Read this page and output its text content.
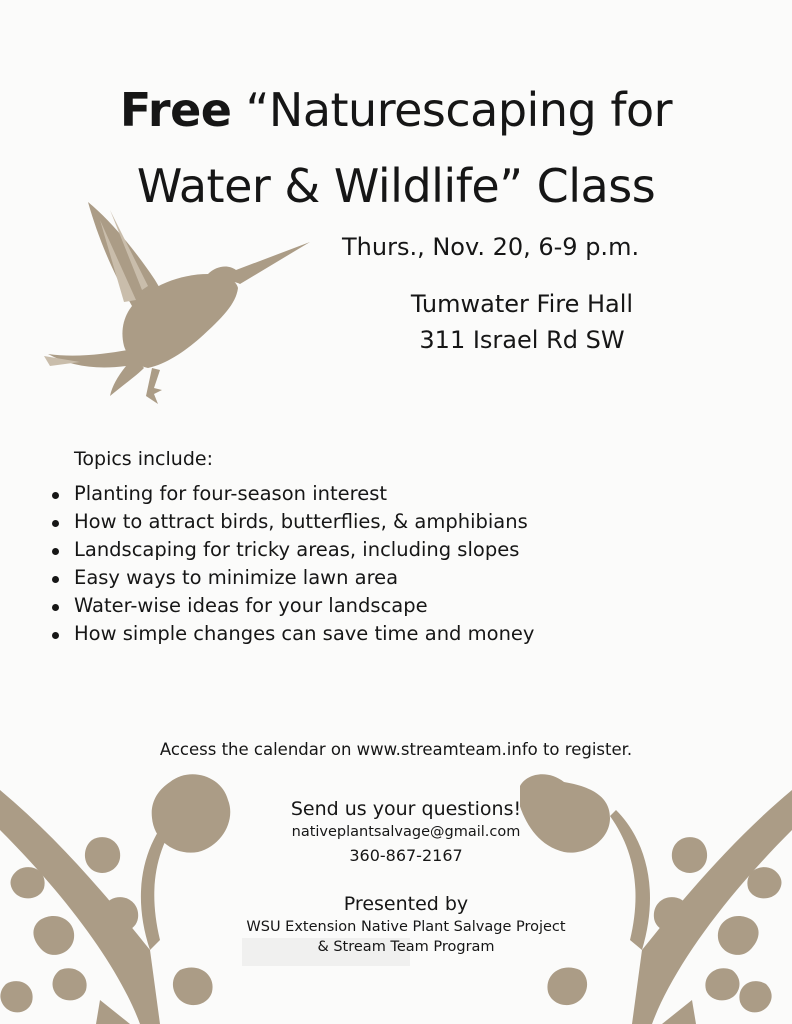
Free “Naturescaping for
Water & Wildlife” Class
Thurs., Nov. 20, 6-9 p.m.
Tumwater Fire Hall
311 Israel Rd SW
Topics include:
Planting for four-season interest
How to attract birds, butterflies, & amphibians
Landscaping for tricky areas, including slopes
Easy ways to minimize lawn area
Water-wise ideas for your landscape
How simple changes can save time and money
Access the calendar on www.streamteam.info to register.
Send us your questions!
nativeplantsalvage@gmail.com
360-867-2167
Presented by
WSU Extension Native Plant Salvage Project
& Stream Team Program
